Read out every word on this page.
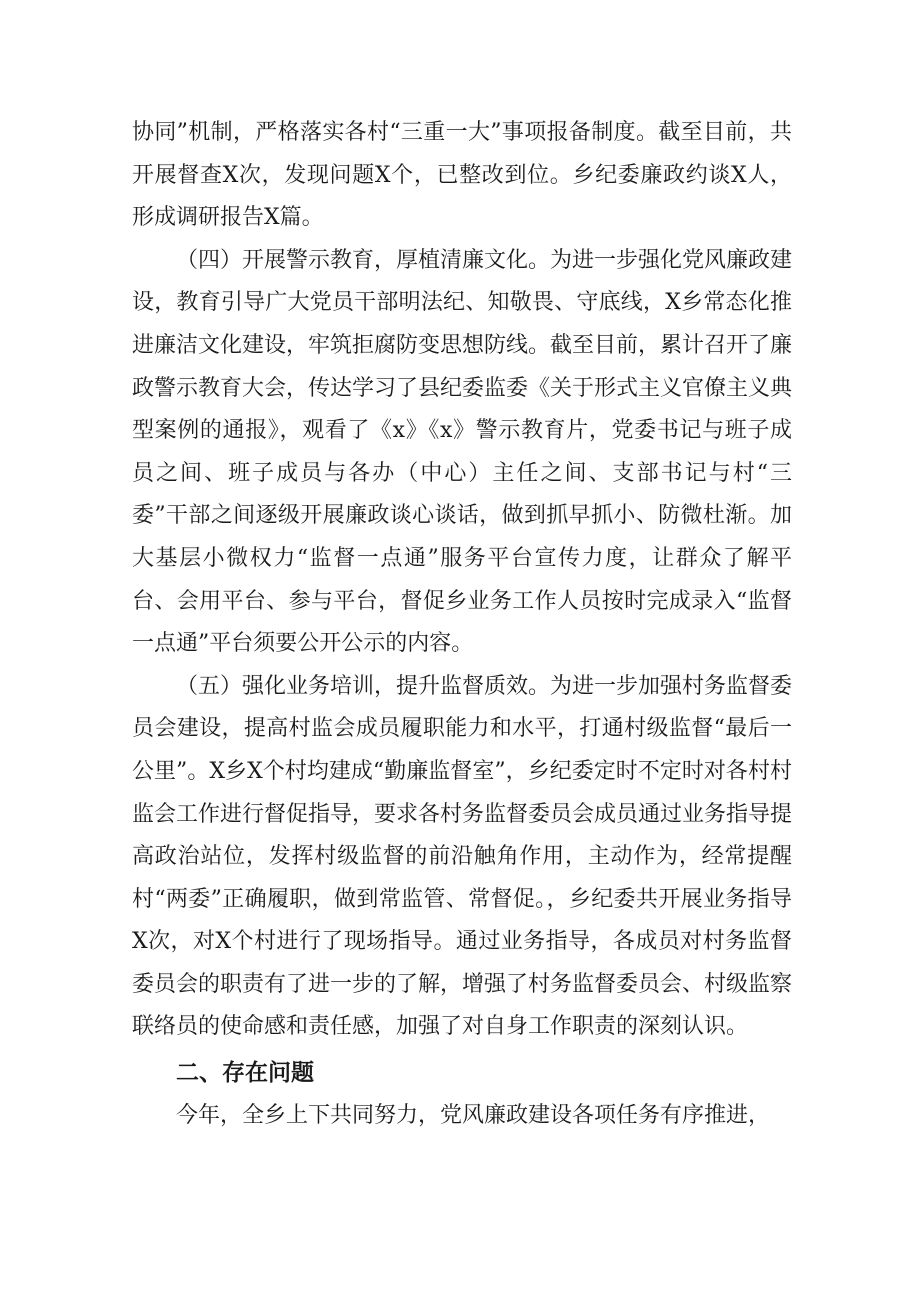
协同”机制，严格落实各村“三重一大”事项报备制度。截至目前，共开展督查X次，发现问题X个，已整改到位。乡纪委廉政约谈X人，形成调研报告X篇。

（四）开展警示教育，厚植清廉文化。为进一步强化党风廉政建设，教育引导广大党员干部明法纪、知敬畏、守底线，X乡常态化推进廉洁文化建设，牢筑拒腐防变思想防线。截至目前，累计召开了廉政警示教育大会，传达学习了县纪委监委《关于形式主义官僚主义典型案例的通报》，观看了《x》《x》警示教育片，党委书记与班子成员之间、班子成员与各办（中心）主任之间、支部书记与村“三委”干部之间逐级开展廉政谈心谈话，做到抓早抓小、防微杜渐。加大基层小微权力“监督一点通”服务平台宣传力度，让群众了解平台、会用平台、参与平台，督促乡业务工作人员按时完成录入“监督一点通”平台须要公开公示的内容。

（五）强化业务培训，提升监督质效。为进一步加强村务监督委员会建设，提高村监会成员履职能力和水平，打通村级监督“最后一公里”。X乡X个村均建成“勤廉监督室”，乡纪委定时不定时对各村村监会工作进行督促指导，要求各村务监督委员会成员通过业务指导提高政治站位，发挥村级监督的前沿触角作用，主动作为，经常提醒村“两委”正确履职，做到常监管、常督促。，乡纪委共开展业务指导X次，对X个村进行了现场指导。通过业务指导，各成员对村务监督委员会的职责有了进一步的了解，增强了村务监督委员会、村级监察联络员的使命感和责任感，加强了对自身工作职责的深刻认识。

二、存在问题

今年，全乡上下共同努力，党风廉政建设各项任务有序推进，
